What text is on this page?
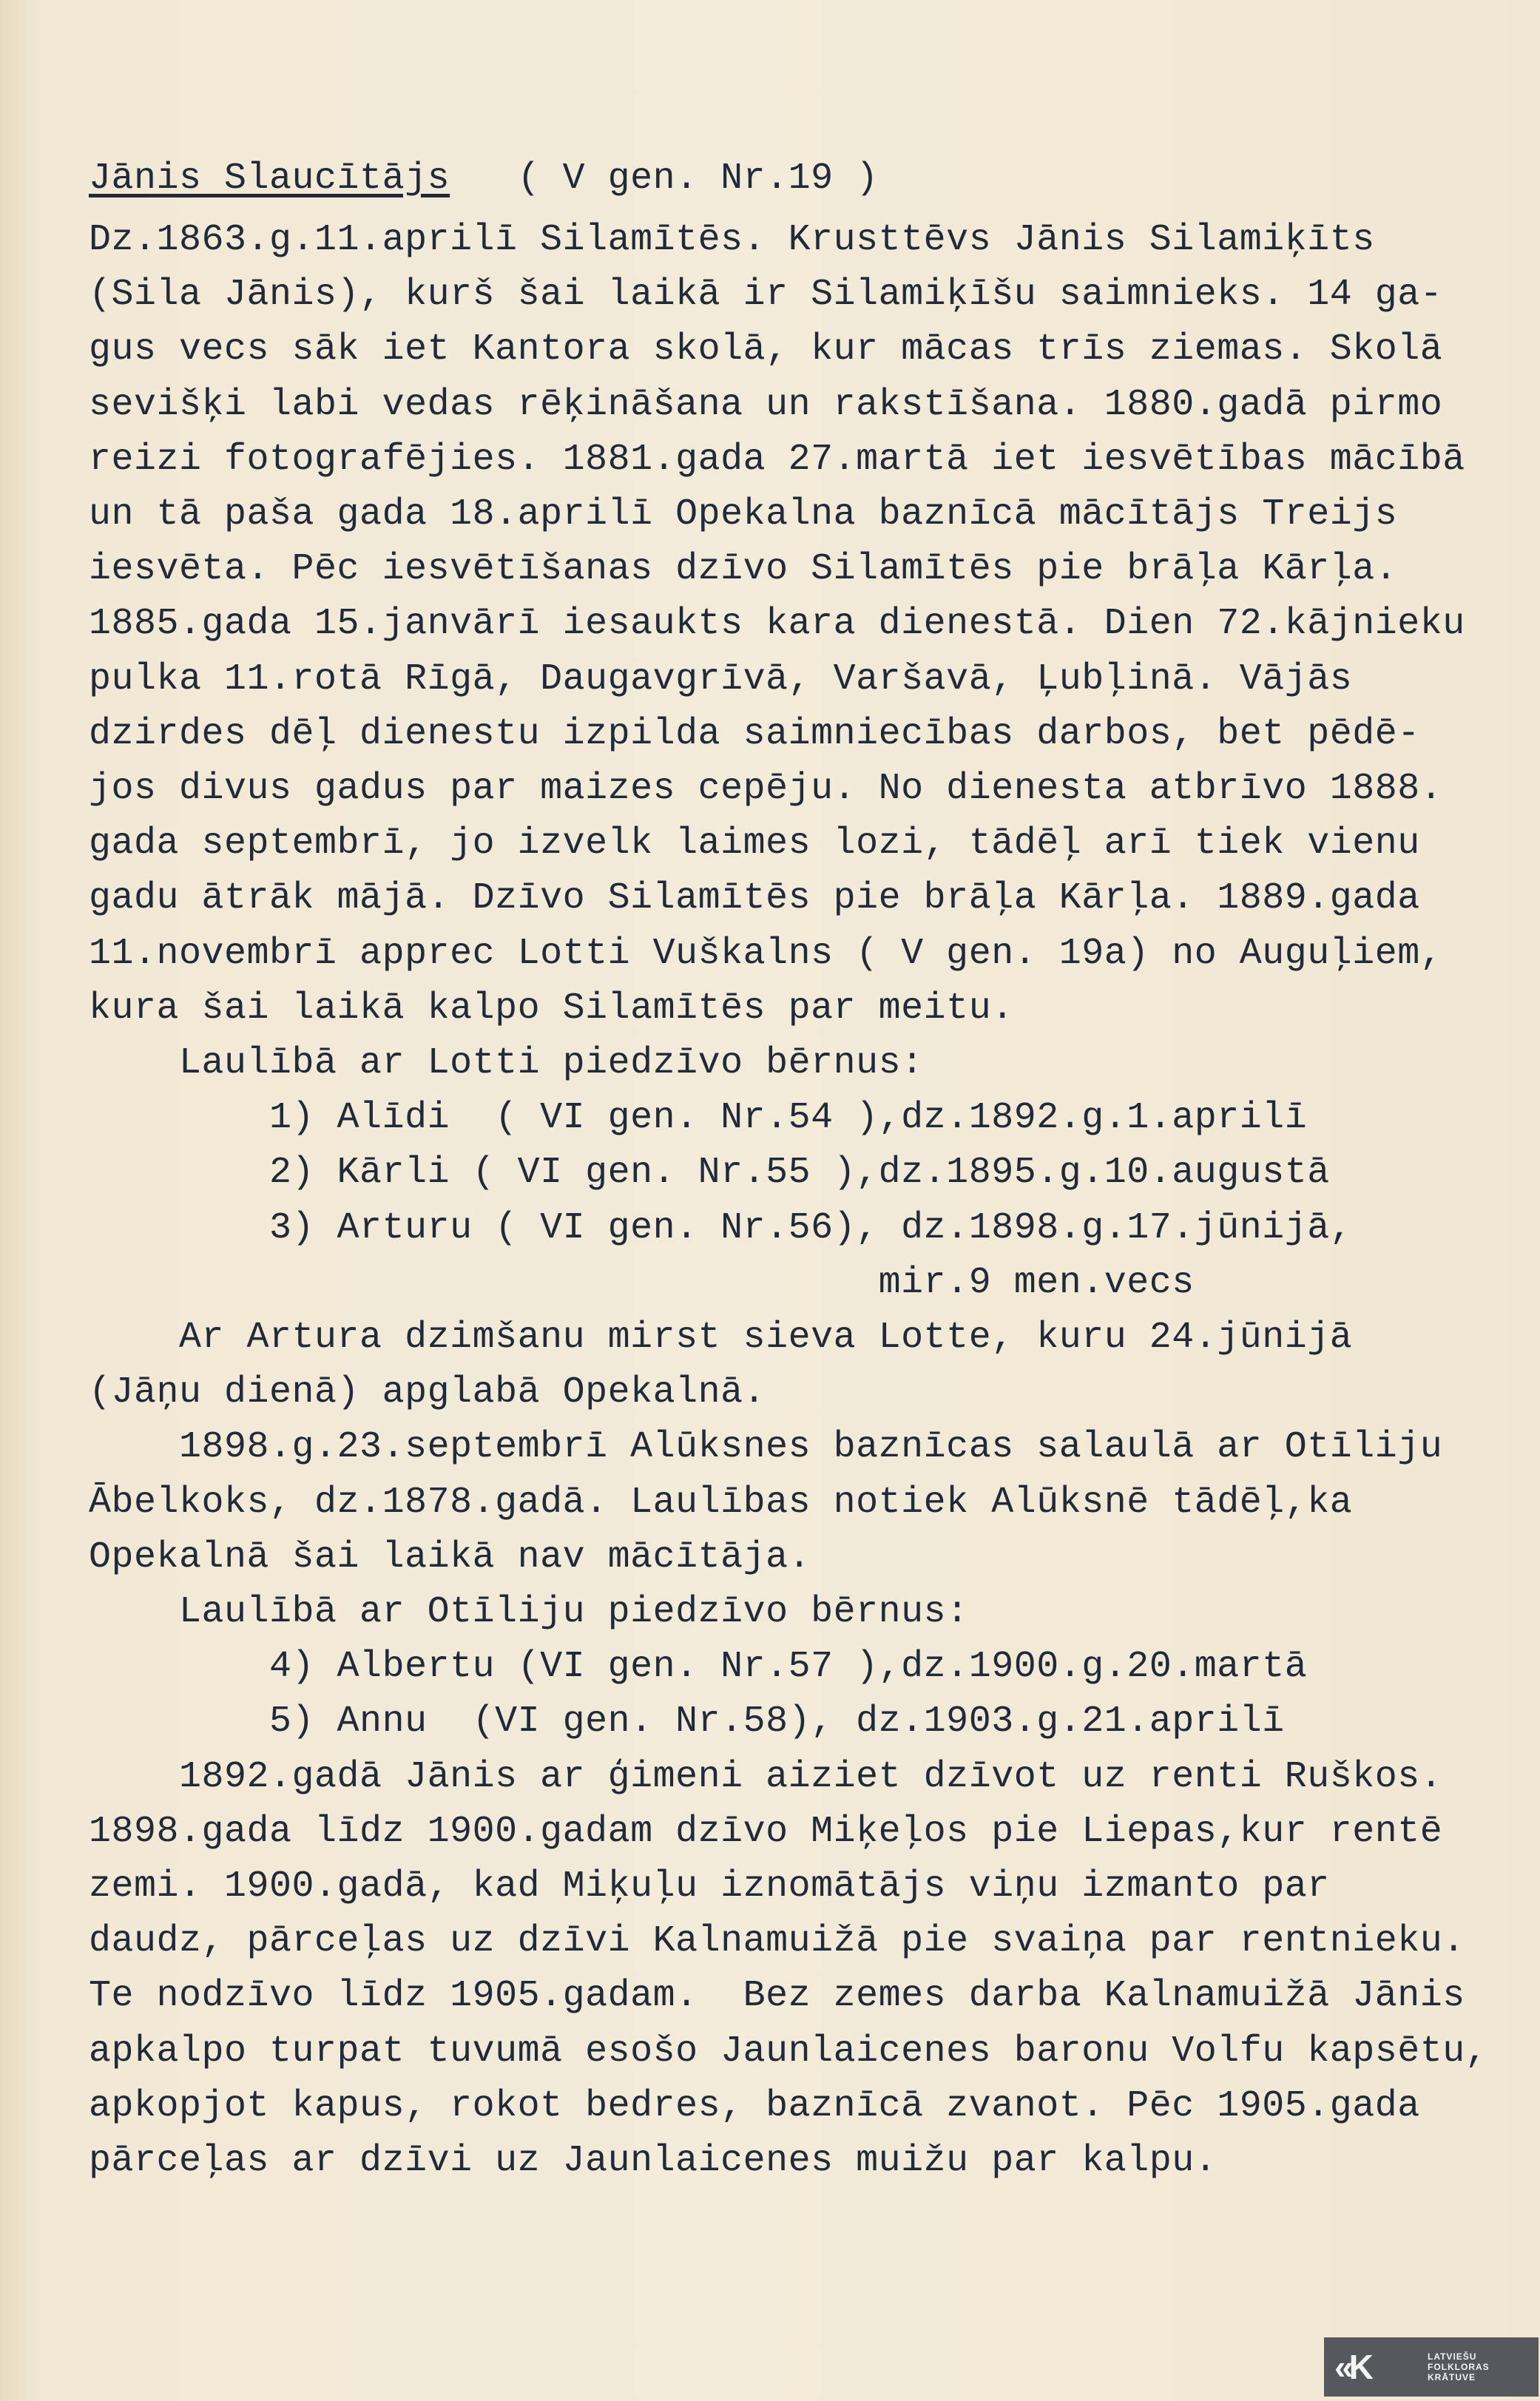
Jānis Slaucītājs ( V gen. Nr.19 )
Dz.1863.g.11.aprilī Silamītēs. Krusttēvs Jānis Silamiķīts
(Sila Jānis), kurš šai laikā ir Silamiķīšu saimnieks. 14 ga-
gus vecs sāk iet Kantora skolā, kur mācas trīs ziemas. Skolā
sevišķi labi vedas rēķināšana un rakstīšana. 1880.gadā pirmo
reizi fotografējies. 1881.gada 27.martā iet iesvētības mācībā
un tā paša gada 18.aprilī Opekalna baznīcā mācītājs Treijs
iesvēta. Pēc iesvētīšanas dzīvo Silamītēs pie brāļa Kārļa.
1885.gada 15.janvārī iesaukts kara dienestā. Dien 72.kājnieku
pulka 11.rotā Rīgā, Daugavgrīvā, Varšavā, Ļubļinā. Vājās
dzirdes dēļ dienestu izpilda saimniecības darbos, bet pēdē-
jos divus gadus par maizes cepēju. No dienesta atbrīvo 1888.
gada septembrī, jo izvelk laimes lozi, tādēļ arī tiek vienu
gadu ātrāk mājā. Dzīvo Silamītēs pie brāļa Kārļa. 1889.gada
11.novembrī apprec Lotti Vuškalns ( V gen. 19a) no Auguļiem,
kura šai laikā kalpo Silamītēs par meitu.
Laulībā ar Lotti piedzīvo bērnus:
1) Alīdi  ( VI gen. Nr.54 ),dz.1892.g.1.aprilī
2) Kārli ( VI gen. Nr.55 ),dz.1895.g.10.augustā
3) Arturu ( VI gen. Nr.56), dz.1898.g.17.jūnijā,
mir.9 men.vecs
Ar Artura dzimšanu mirst sieva Lotte, kuru 24.jūnijā
(Jāņu dienā) apglabā Opekalnā.
1898.g.23.septembrī Alūksnes baznīcas salaulā ar Otīliju
Ābelkoks, dz.1878.gadā. Laulības notiek Alūksnē tādēļ,ka
Opekalnā šai laikā nav mācītāja.
Laulībā ar Otīliju piedzīvo bērnus:
4) Albertu (VI gen. Nr.57 ),dz.1900.g.20.martā
5) Annu  (VI gen. Nr.58), dz.1903.g.21.aprilī
1892.gadā Jānis ar ģimeni aiziet dzīvot uz renti Ruškos.
1898.gada līdz 1900.gadam dzīvo Miķeļos pie Liepas,kur rentē
zemi. 1900.gadā, kad Miķuļu iznomātājs viņu izmanto par
daudz, pārceļas uz dzīvi Kalnamuižā pie svaiņa par rentnieku.
Te nodzīvo līdz 1905.gadam.  Bez zemes darba Kalnamuižā Jānis
apkalpo turpat tuvumā esošo Jaunlaicenes baronu Volfu kapsētu,
apkopjot kapus, rokot bedres, baznīcā zvanot. Pēc 1905.gada
pārceļas ar dzīvi uz Jaunlaicenes muižu par kalpu.
«K	LATVIEŠU
FOLKLORAS
KRĀTUVE
